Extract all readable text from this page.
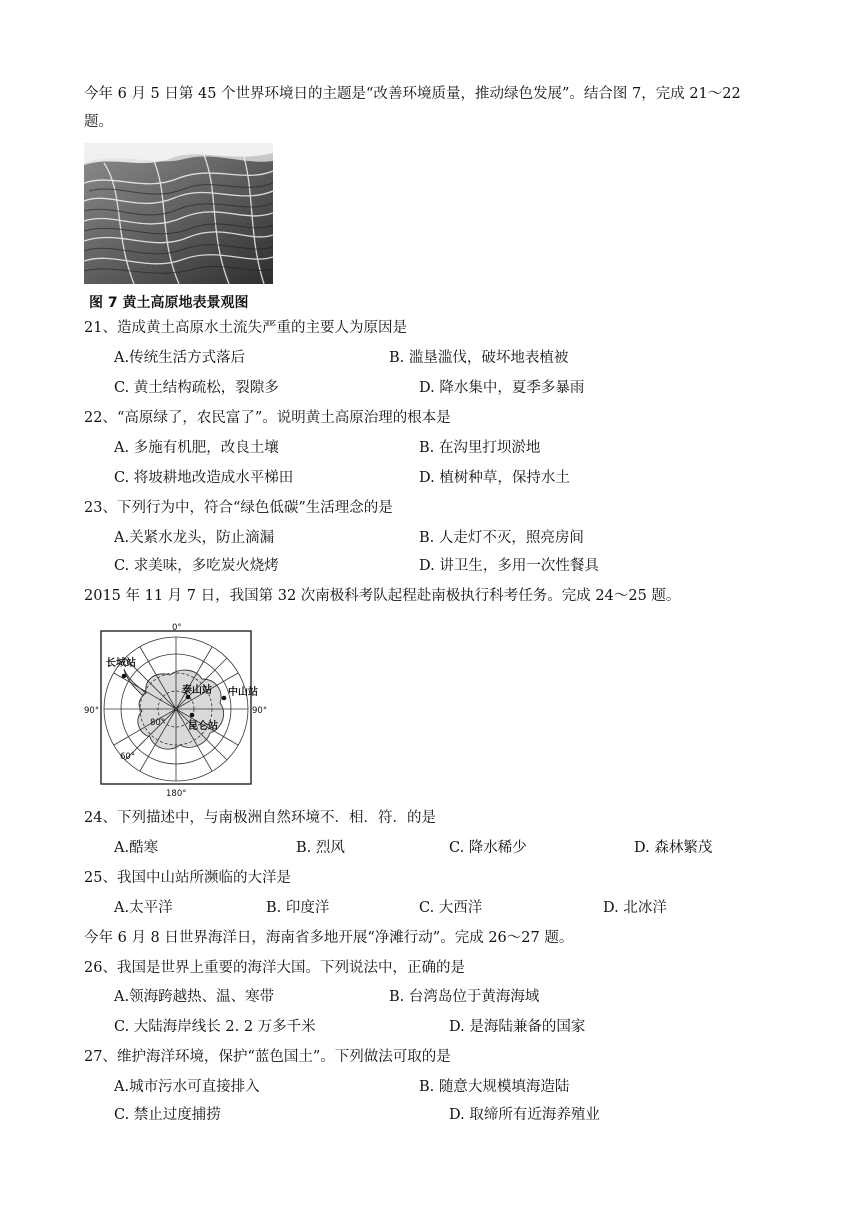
今年 6 月 5 日第 45 个世界环境日的主题是“改善环境质量，推动绿色发展”。结合图 7，完成 21～22
题。
图 7 黄土高原地表景观图
21、造成黄土高原水土流失严重的主要人为原因是
A.传统生活方式落后	B. 滥垦滥伐，破坏地表植被
C. 黄土结构疏松，裂隙多	D. 降水集中，夏季多暴雨
22、“高原绿了，农民富了”。说明黄土高原治理的根本是
A. 多施有机肥，改良土壤	B. 在沟里打坝淤地
C. 将坡耕地改造成水平梯田	D. 植树种草，保持水土
23、下列行为中，符合“绿色低碳”生活理念的是
A.关紧水龙头，防止滴漏	B. 人走灯不灭，照亮房间
C. 求美味，多吃炭火烧烤	D. 讲卫生，多用一次性餐具
2015 年 11 月 7 日，我国第 32 次南极科考队起程赴南极执行科考任务。完成 24～25 题。
0°
180°
90°	90°
60°
80°
长城站
泰山站 中山站
昆仑站
24、下列描述中，与南极洲自然环境不．相．符．的是
A.酷寒	B. 烈风	C. 降水稀少	D. 森林繁茂
25、我国中山站所濒临的大洋是
A.太平洋	B. 印度洋	C. 大西洋	D. 北冰洋
今年 6 月 8 日世界海洋日，海南省多地开展“净滩行动”。完成 26～27 题。
26、我国是世界上重要的海洋大国。下列说法中，正确的是
A.领海跨越热、温、寒带	B. 台湾岛位于黄海海域
C. 大陆海岸线长 2. 2 万多千米	D. 是海陆兼备的国家
27、维护海洋环境，保护“蓝色国土”。下列做法可取的是
A.城市污水可直接排入	B. 随意大规模填海造陆
C. 禁止过度捕捞	D. 取缔所有近海养殖业
